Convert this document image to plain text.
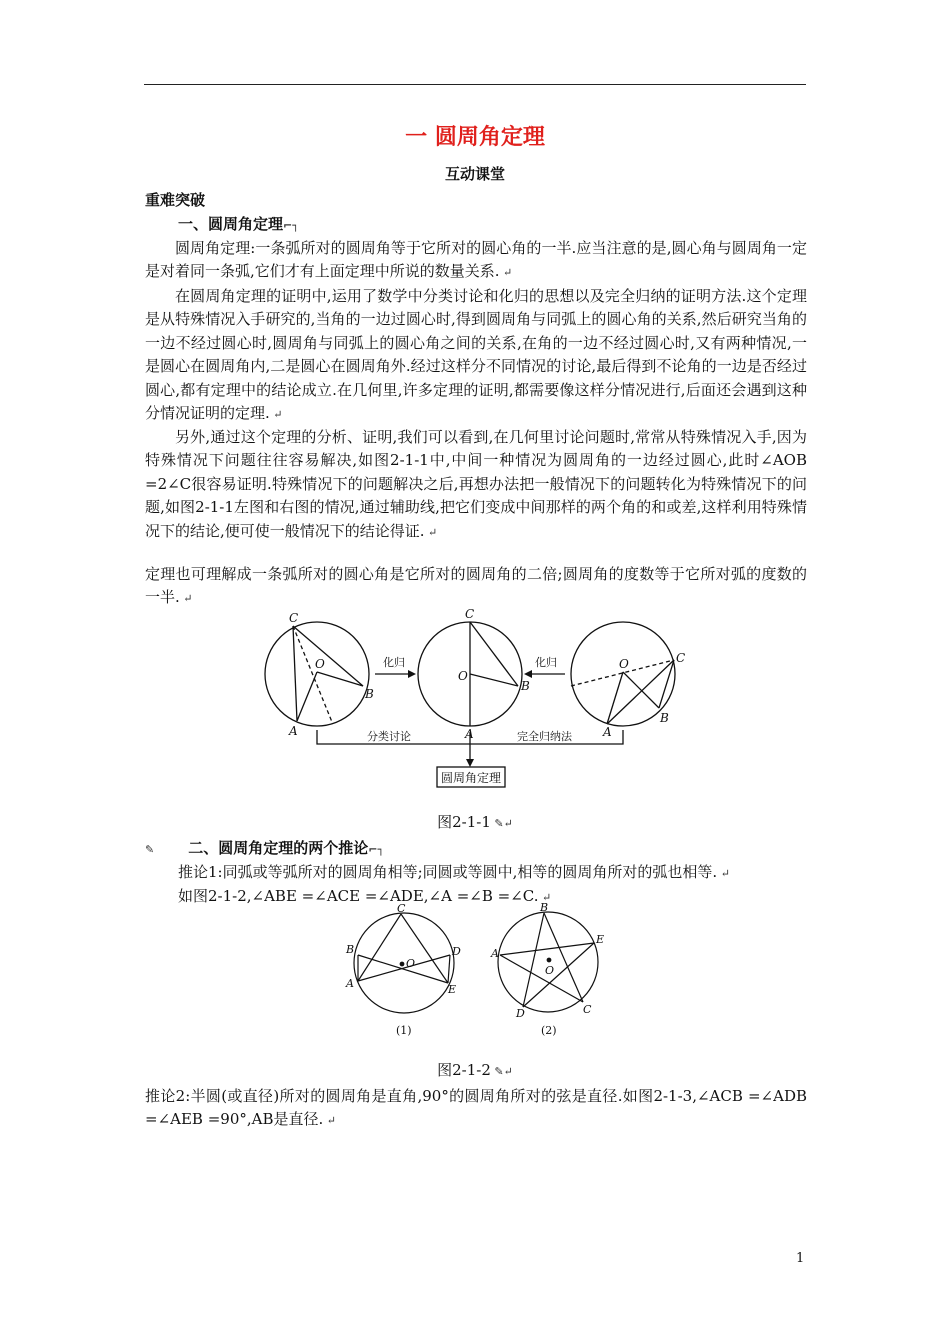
一 圆周角定理
互动课堂
重难突破
一、圆周角定理⌐┐
圆周角定理:一条弧所对的圆周角等于它所对的圆心角的一半.应当注意的是,圆心角与圆周角一定是对着同一条弧,它们才有上面定理中所说的数量关系. ↵
在圆周角定理的证明中,运用了数学中分类讨论和化归的思想以及完全归纳的证明方法.这个定理是从特殊情况入手研究的,当角的一边过圆心时,得到圆周角与同弧上的圆心角的关系,然后研究当角的一边不经过圆心时,圆周角与同弧上的圆心角之间的关系,在角的一边不经过圆心时,又有两种情况,一是圆心在圆周角内,二是圆心在圆周角外.经过这样分不同情况的讨论,最后得到不论角的一边是否经过圆心,都有定理中的结论成立.在几何里,许多定理的证明,都需要像这样分情况进行,后面还会遇到这种分情况证明的定理. ↵
另外,通过这个定理的分析、证明,我们可以看到,在几何里讨论问题时,常常从特殊情况入手,因为特殊情况下问题往往容易解决,如图2-1-1中,中间一种情况为圆周角的一边经过圆心,此时∠AOB =2∠C很容易证明.特殊情况下的问题解决之后,再想办法把一般情况下的问题转化为特殊情况下的问题,如图2-1-1左图和右图的情况,通过辅助线,把它们变成中间那样的两个角的和或差,这样利用特殊情况下的结论,便可使一般情况下的结论得证. ↵
定理也可理解成一条弧所对的圆心角是它所对的圆周角的二倍;圆周角的度数等于它所对弧的度数的一半. ↵
化归	化归
分类讨论	完全归纳法
圆周角定理
C
O
B
A
C
O
B
A
O	C
B
A
图2-1-1 ✎↵
✎ 二、圆周角定理的两个推论⌐┐
推论1:同弧或等弧所对的圆周角相等;同圆或等圆中,相等的圆周角所对的弧也相等. ↵
如图2-1-2,∠ABE =∠ACE =∠ADE,∠A =∠B =∠C. ↵
C
B
A
D
E
O
B
A
E
O
D	C
(1)	(2)
图2-1-2 ✎↵
推论2:半圆(或直径)所对的圆周角是直角,90°的圆周角所对的弦是直径.如图2-1-3,∠ACB =∠ADB =∠AEB =90°,AB是直径. ↵
1
